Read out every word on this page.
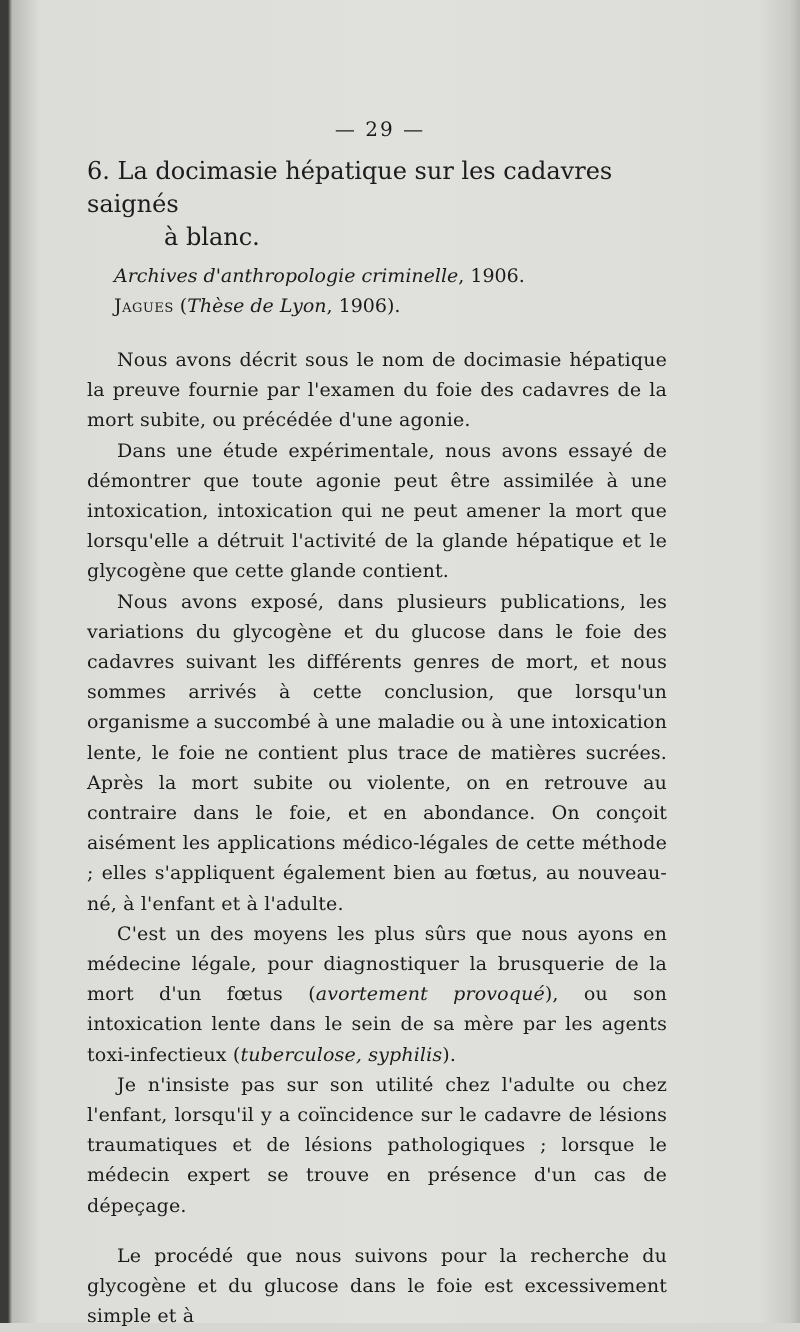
— 29 —
6. La docimasie hépatique sur les cadavres saignés
à blanc.
Archives d'anthropologie criminelle, 1906.
Jagues (Thèse de Lyon, 1906).

Nous avons décrit sous le nom de docimasie hépatique la preuve fournie par l'examen du foie des cadavres de la mort subite, ou précédée d'une agonie.

Dans une étude expérimentale, nous avons essayé de démontrer que toute agonie peut être assimilée à une intoxication, intoxication qui ne peut amener la mort que lorsqu'elle a détruit l'activité de la glande hépatique et le glycogène que cette glande contient.

Nous avons exposé, dans plusieurs publications, les variations du glycogène et du glucose dans le foie des cadavres suivant les différents genres de mort, et nous sommes arrivés à cette conclusion, que lorsqu'un organisme a succombé à une maladie ou à une intoxication lente, le foie ne contient plus trace de matières sucrées. Après la mort subite ou violente, on en retrouve au contraire dans le foie, et en abondance. On conçoit aisément les applications médico-légales de cette méthode ; elles s'appliquent également bien au fœtus, au nouveau-né, à l'enfant et à l'adulte.

C'est un des moyens les plus sûrs que nous ayons en médecine légale, pour diagnostiquer la brusquerie de la mort d'un fœtus (avortement provoqué), ou son intoxication lente dans le sein de sa mère par les agents toxi-infectieux (tuberculose, syphilis).

Je n'insiste pas sur son utilité chez l'adulte ou chez l'enfant, lorsqu'il y a coïncidence sur le cadavre de lésions traumatiques et de lésions pathologiques ; lorsque le médecin expert se trouve en présence d'un cas de dépeçage.

Le procédé que nous suivons pour la recherche du glycogène et du glucose dans le foie est excessivement simple et à
